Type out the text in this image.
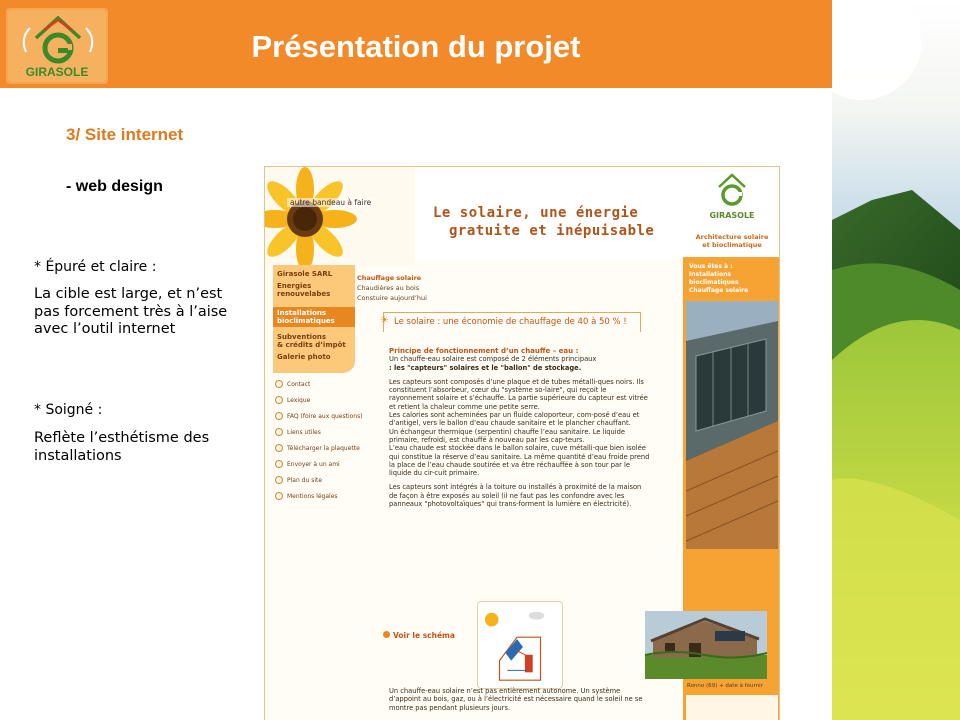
GIRASOLE
Présentation du projet
3/ Site internet
- web design
* Épuré et claire :
La cible est large, et n’est pas forcement très à l’aise avec l’outil internet
* Soigné :
Reflète l’esthétisme des installations
autre bandeau à faire
Le solaire, une énergie
gratuite et inépuisable
GIRASOLE
Architecture solaire
et bioclimatique
Girasole SARL
Energies
renouvelabes
Installations
bioclimatiques
Subventions
& crédits d’impôt
Galerie photo
Chauffage solaire
Chaudières au bois
Constuire aujourd’hui
Contact
Lexique
FAQ (foire aux questions)
Liens utiles
Télécharger la plaquette
Envoyer à un ami
Plan du site
Mentions légales
Vous êtes à :
Installations bioclimatiques
Chauffage solaire
☀ Le solaire : une économie de chauffage de 40 à 50 % !

Principe de fonctionnement d’un chauffe – eau :

Un chauffe-eau solaire est composé de 2 éléments principaux

: les "capteurs" solaires et le "ballon" de stockage.

Les capteurs sont composés d’une plaque et de tubes métalli-ques noirs. Ils constituent l’absorbeur, cœur du "système so-laire", qui reçoit le rayonnement solaire et s’échauffe. La partie supérieure du capteur est vitrée et retient la chaleur comme une petite serre.

Les calories sont acheminées par un fluide caloporteur, com-posé d’eau et d’antigel, vers le ballon d’eau chaude sanitaire et le plancher chauffant.

Un échangeur thermique (serpentin) chauffe l’eau sanitaire. Le liquide primaire, refroidi, est chauffé à nouveau par les cap-teurs.

L’eau chaude est stockée dans le ballon solaire, cuve métalli-que bien isolée qui constitue la réserve d’eau sanitaire. La même quantité d’eau froide prend la place de l’eau chaude soutirée et va être réchauffée à son tour par le liquide du cir-cuit primaire.

Les capteurs sont intégrés à la toiture ou installés à proximité de la maison de façon à être exposés au soleil (il ne faut pas les confondre avec les panneaux "photovoltaïques" qui trans-forment la lumière en électricité).

Voir le schéma
Ronno (69) + date à fournir
Un chauffe-eau solaire n’est pas entièrement autonome. Un système d’appoint au bois, gaz, ou à l’électricité est nécessaire quand le soleil ne se montre pas pendant plusieurs jours.
